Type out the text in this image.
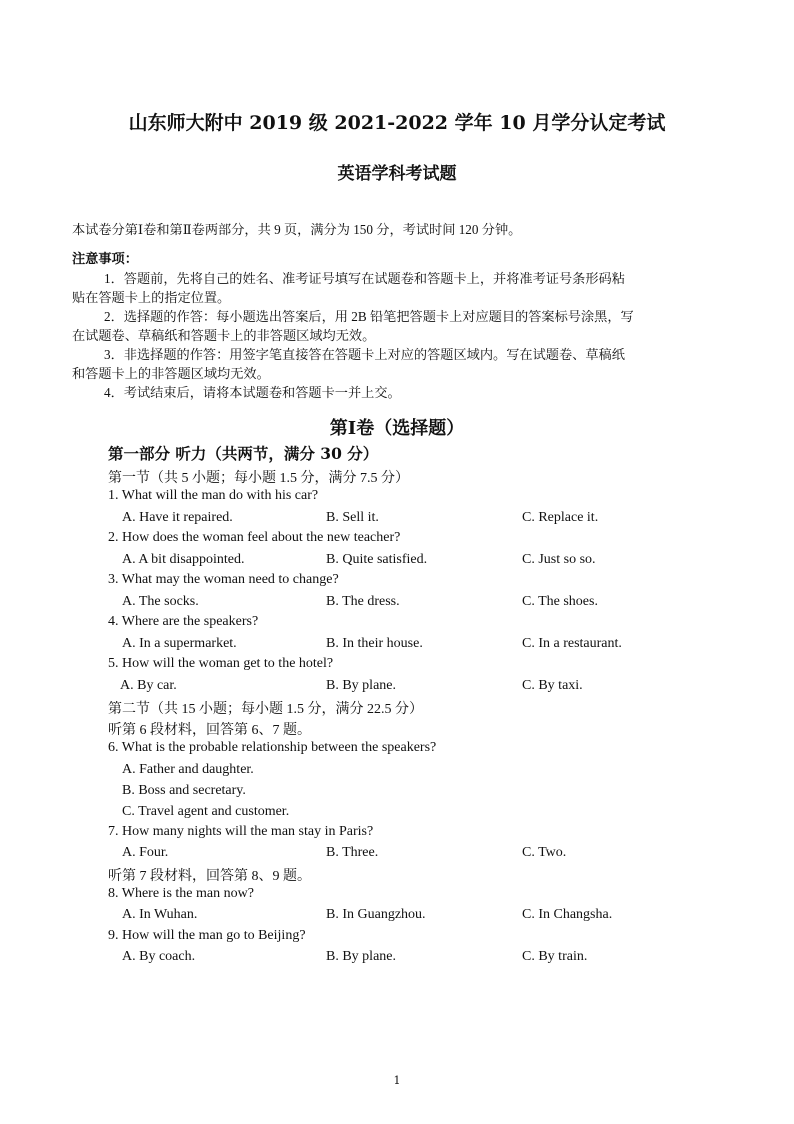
山东师大附中 2019 级 2021-2022 学年 10 月学分认定考试
英语学科考试题
本试卷分第Ⅰ卷和第Ⅱ卷两部分，共 9 页，满分为 150 分，考试时间 120 分钟。
注意事项：
1．答题前，先将自己的姓名、准考证号填写在试题卷和答题卡上，并将准考证号条形码粘
贴在答题卡上的指定位置。
2．选择题的作答：每小题选出答案后，用 2B 铅笔把答题卡上对应题目的答案标号涂黑，写
在试题卷、草稿纸和答题卡上的非答题区域均无效。
3．非选择题的作答：用签字笔直接答在答题卡上对应的答题区域内。写在试题卷、草稿纸
和答题卡上的非答题区域均无效。
4．考试结束后，请将本试题卷和答题卡一并上交。
第Ⅰ卷（选择题）
第一部分 听力（共两节，满分 30 分）
第一节（共 5 小题；每小题 1.5 分，满分 7.5 分）
1. What will the man do with his car?
A. Have it repaired.	B. Sell it.	C. Replace it.
2. How does the woman feel about the new teacher?
A. A bit disappointed.	B. Quite satisfied.	C. Just so so.
3. What may the woman need to change?
A. The socks.	B. The dress.	C. The shoes.
4. Where are the speakers?
A. In a supermarket.	B. In their house.	C. In a restaurant.
5. How will the woman get to the hotel?
A. By car.	B. By plane.	C. By taxi.
第二节（共 15 小题；每小题 1.5 分，满分 22.5 分）
听第 6 段材料，回答第 6、7 题。
6. What is the probable relationship between the speakers?
A. Father and daughter.
B. Boss and secretary.
C. Travel agent and customer.
7. How many nights will the man stay in Paris?
A. Four.	B. Three.	C. Two.
听第 7 段材料，回答第 8、9 题。
8. Where is the man now?
A. In Wuhan.	B. In Guangzhou.	C. In Changsha.
9. How will the man go to Beijing?
A. By coach.	B. By plane.	C. By train.
1
